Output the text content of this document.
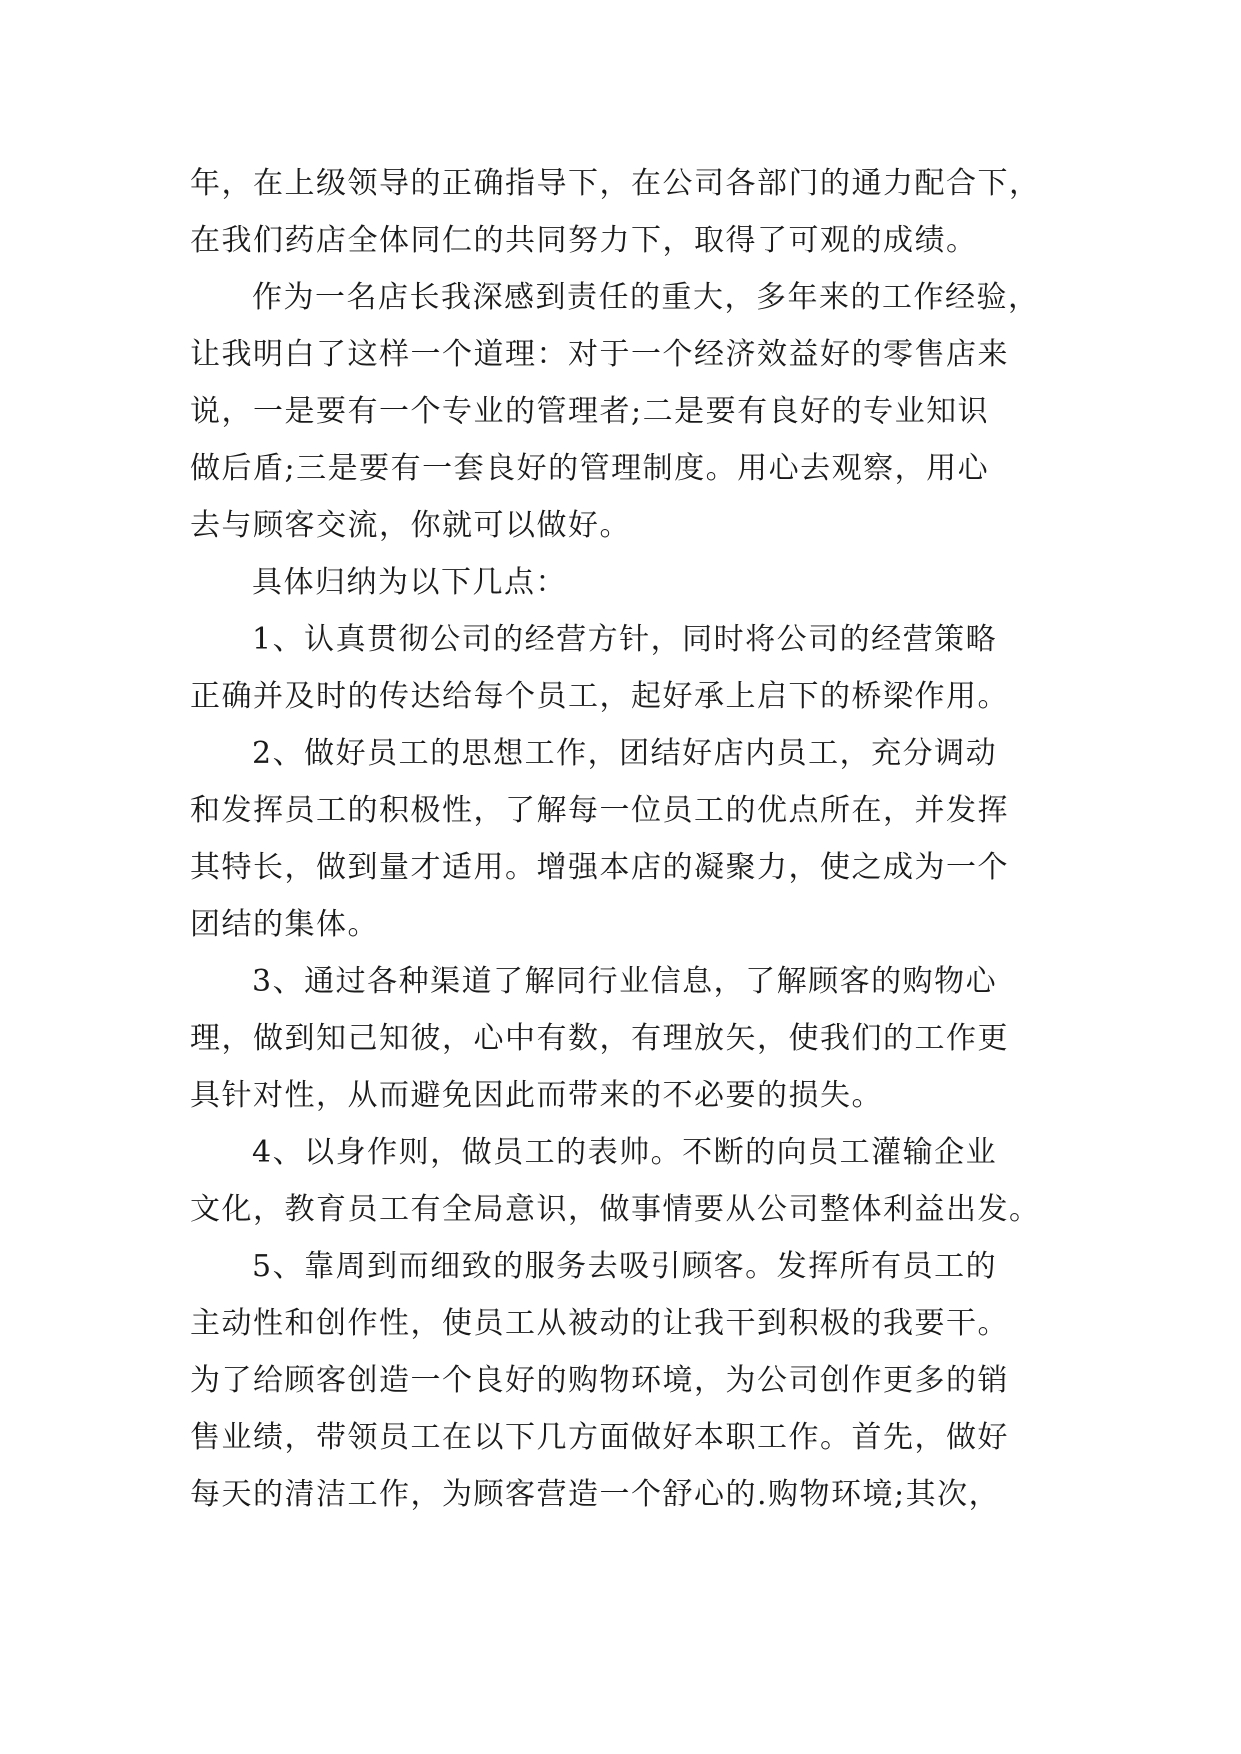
年，在上级领导的正确指导下，在公司各部门的通力配合下，
在我们药店全体同仁的共同努力下，取得了可观的成绩。
作为一名店长我深感到责任的重大，多年来的工作经验，
让我明白了这样一个道理：对于一个经济效益好的零售店来
说，一是要有一个专业的管理者;二是要有良好的专业知识
做后盾;三是要有一套良好的管理制度。用心去观察，用心
去与顾客交流，你就可以做好。
具体归纳为以下几点：
1、认真贯彻公司的经营方针，同时将公司的经营策略
正确并及时的传达给每个员工，起好承上启下的桥梁作用。
2、做好员工的思想工作，团结好店内员工，充分调动
和发挥员工的积极性，了解每一位员工的优点所在，并发挥
其特长，做到量才适用。增强本店的凝聚力，使之成为一个
团结的集体。
3、通过各种渠道了解同行业信息，了解顾客的购物心
理，做到知己知彼，心中有数，有理放矢，使我们的工作更
具针对性，从而避免因此而带来的不必要的损失。
4、以身作则，做员工的表帅。不断的向员工灌输企业
文化，教育员工有全局意识，做事情要从公司整体利益出发。
5、靠周到而细致的服务去吸引顾客。发挥所有员工的
主动性和创作性，使员工从被动的让我干到积极的我要干。
为了给顾客创造一个良好的购物环境，为公司创作更多的销
售业绩，带领员工在以下几方面做好本职工作。首先，做好
每天的清洁工作，为顾客营造一个舒心的.购物环境;其次，
